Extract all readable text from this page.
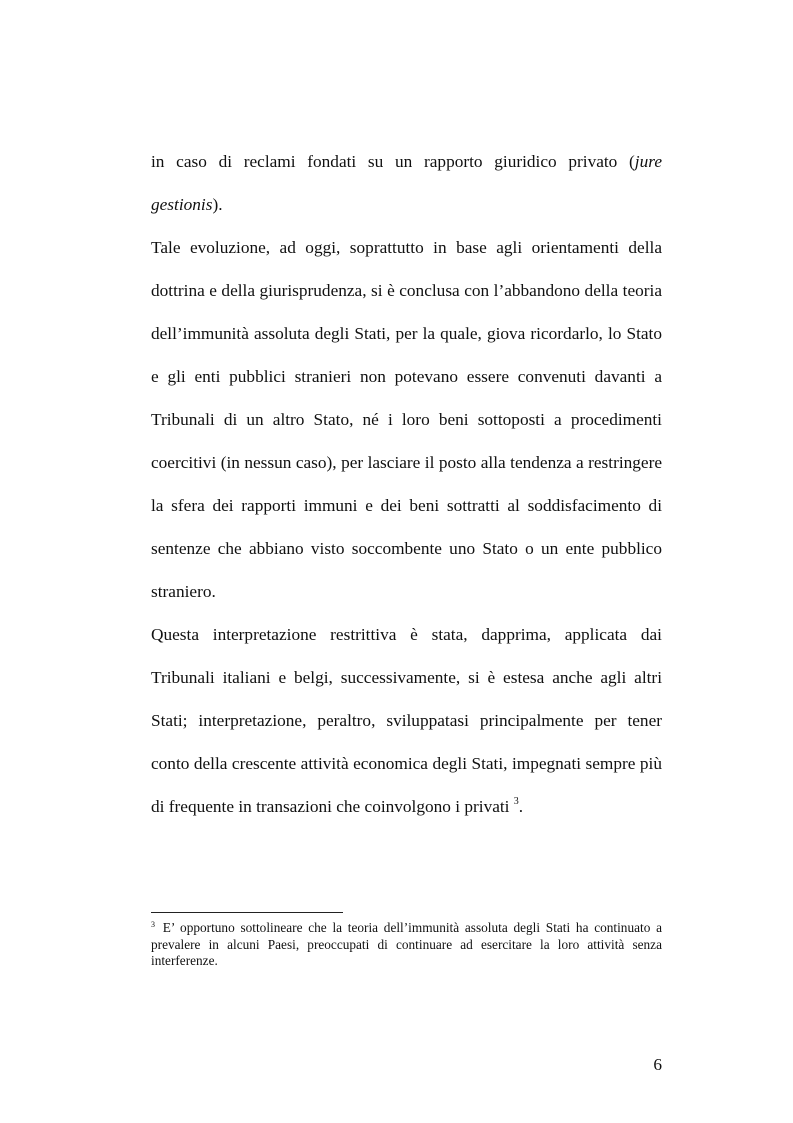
in caso di reclami fondati su un rapporto giuridico privato (jure gestionis).

Tale evoluzione, ad oggi, soprattutto in base agli orientamenti della dottrina e della giurisprudenza, si è conclusa con l’abbandono della teoria dell’immunità assoluta degli Stati, per la quale, giova ricordarlo, lo Stato e gli enti pubblici stranieri non potevano essere convenuti davanti a Tribunali di un altro Stato, né i loro beni sottoposti a procedimenti coercitivi (in nessun caso), per lasciare il posto alla tendenza a restringere la sfera dei rapporti immuni e dei beni sottratti al soddisfacimento di sentenze che abbiano visto soccombente uno Stato o un ente pubblico straniero.

Questa interpretazione restrittiva è stata, dapprima, applicata dai Tribunali italiani e belgi, successivamente, si è estesa anche agli altri Stati; interpretazione, peraltro, sviluppatasi principalmente per tener conto della crescente attività economica degli Stati, impegnati sempre più di frequente in transazioni che coinvolgono i privati $^3$.

$^3$ E’ opportuno sottolineare che la teoria dell’immunità assoluta degli Stati ha continuato a prevalere in alcuni Paesi, preoccupati di continuare ad esercitare la loro attività senza interferenze.
6
